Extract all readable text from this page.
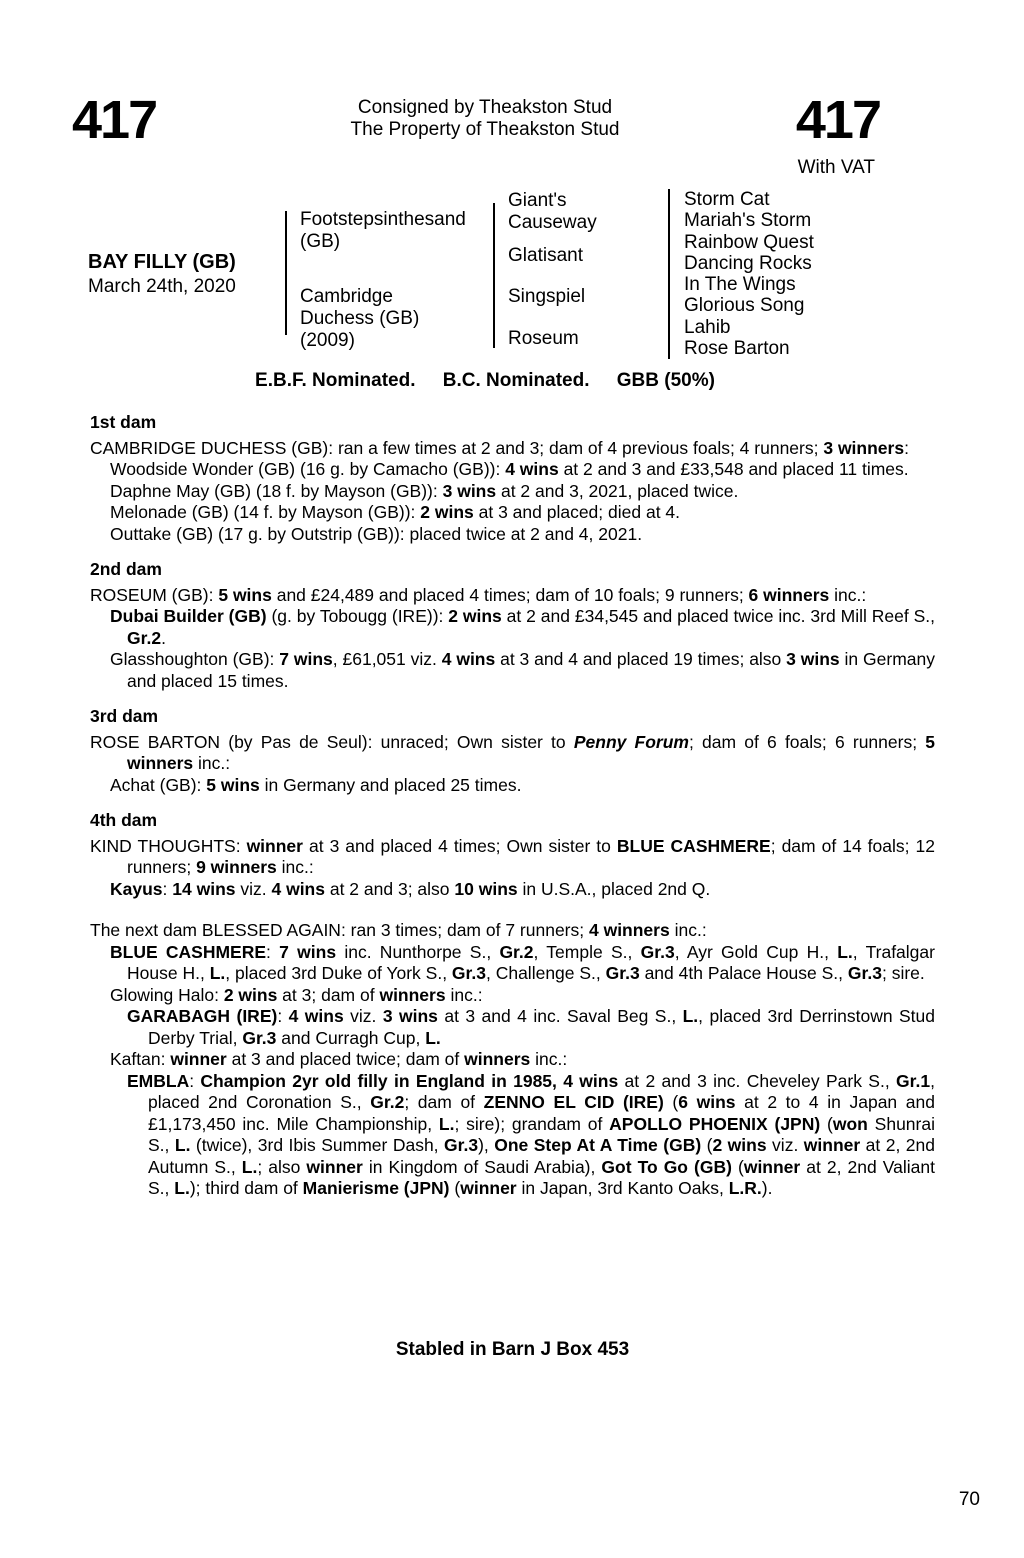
417	Consigned by Theakston Stud
The Property of Theakston Stud	417
With VAT
BAY FILLY (GB)
March 24th, 2020
Footstepsinthesand
(GB)
Cambridge
Duchess (GB)
(2009)
Giant's
Causeway
Glatisant
Singspiel
Roseum
Storm Cat
Mariah's Storm
Rainbow Quest
Dancing Rocks
In The Wings
Glorious Song
Lahib
Rose Barton
E.B.F. Nominated. B.C. Nominated. GBB (50%)
1st dam
CAMBRIDGE DUCHESS (GB): ran a few times at 2 and 3; dam of 4 previous foals; 4 runners; 3 winners:
Woodside Wonder (GB) (16 g. by Camacho (GB)): 4 wins at 2 and 3 and £33,548 and placed 11 times.
Daphne May (GB) (18 f. by Mayson (GB)): 3 wins at 2 and 3, 2021, placed twice.
Melonade (GB) (14 f. by Mayson (GB)): 2 wins at 3 and placed; died at 4.
Outtake (GB) (17 g. by Outstrip (GB)): placed twice at 2 and 4, 2021.
2nd dam
ROSEUM (GB): 5 wins and £24,489 and placed 4 times; dam of 10 foals; 9 runners; 6 winners inc.:
Dubai Builder (GB) (g. by Tobougg (IRE)): 2 wins at 2 and £34,545 and placed twice inc. 3rd Mill Reef S., Gr.2.
Glasshoughton (GB): 7 wins, £61,051 viz. 4 wins at 3 and 4 and placed 19 times; also 3 wins in Germany and placed 15 times.
3rd dam
ROSE BARTON (by Pas de Seul): unraced; Own sister to Penny Forum; dam of 6 foals; 6 runners; 5 winners inc.:
Achat (GB): 5 wins in Germany and placed 25 times.
4th dam
KIND THOUGHTS: winner at 3 and placed 4 times; Own sister to BLUE CASHMERE; dam of 14 foals; 12 runners; 9 winners inc.:
Kayus: 14 wins viz. 4 wins at 2 and 3; also 10 wins in U.S.A., placed 2nd Q.
The next dam BLESSED AGAIN: ran 3 times; dam of 7 runners; 4 winners inc.:
BLUE CASHMERE: 7 wins inc. Nunthorpe S., Gr.2, Temple S., Gr.3, Ayr Gold Cup H., L., Trafalgar House H., L., placed 3rd Duke of York S., Gr.3, Challenge S., Gr.3 and 4th Palace House S., Gr.3; sire.
Glowing Halo: 2 wins at 3; dam of winners inc.:
GARABAGH (IRE): 4 wins viz. 3 wins at 3 and 4 inc. Saval Beg S., L., placed 3rd Derrinstown Stud Derby Trial, Gr.3 and Curragh Cup, L.
Kaftan: winner at 3 and placed twice; dam of winners inc.:
EMBLA: Champion 2yr old filly in England in 1985, 4 wins at 2 and 3 inc. Cheveley Park S., Gr.1, placed 2nd Coronation S., Gr.2; dam of ZENNO EL CID (IRE) (6 wins at 2 to 4 in Japan and £1,173,450 inc. Mile Championship, L.; sire); grandam of APOLLO PHOENIX (JPN) (won Shunrai S., L. (twice), 3rd Ibis Summer Dash, Gr.3), One Step At A Time (GB) (2 wins viz. winner at 2, 2nd Autumn S., L.; also winner in Kingdom of Saudi Arabia), Got To Go (GB) (winner at 2, 2nd Valiant S., L.); third dam of Manierisme (JPN) (winner in Japan, 3rd Kanto Oaks, L.R.).
Stabled in Barn J Box 453
70
